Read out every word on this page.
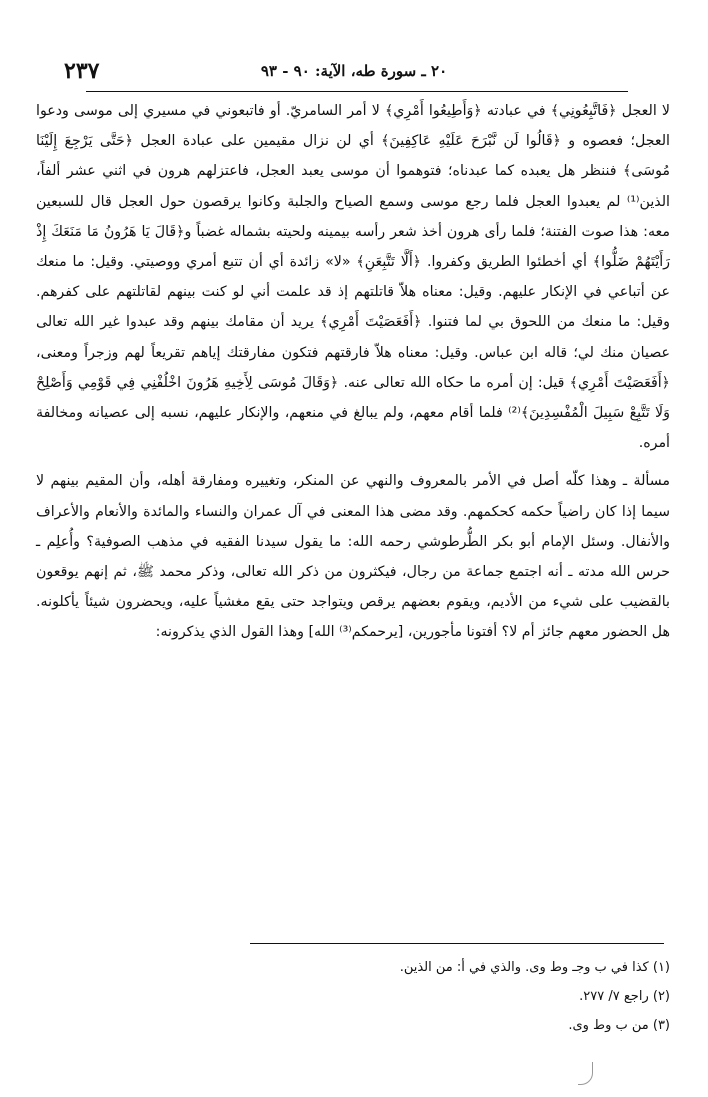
٢٣٧	٢٠ ـ سورة طه، الآية: ٩٠ - ٩٣

لا العجل ﴿فَاتَّبِعُونِي﴾ في عبادته ﴿وَأَطِيعُوا أَمْرِي﴾ لا أمر السامريّ. أو فاتبعوني في مسيري إلى موسى ودعوا العجل؛ فعصوه و ﴿قَالُوا لَن نَّبْرَحَ عَلَيْهِ عَاكِفِينَ﴾ أي لن نزال مقيمين على عبادة العجل ﴿حَتَّى يَرْجِعَ إِلَيْنَا مُوسَى﴾ فننظر هل يعبده كما عبدناه؛ فتوهموا أن موسى يعبد العجل، فاعتزلهم هرون في اثني عشر ألفاً، الذين⁽¹⁾ لم يعبدوا العجل فلما رجع موسى وسمع الصياح والجلبة وكانوا يرقصون حول العجل قال للسبعين معه: هذا صوت الفتنة؛ فلما رأى هرون أخذ شعر رأسه بيمينه ولحيته بشماله غضباً و﴿قَالَ يَا هَرُونُ مَا مَنَعَكَ إِذْ رَأَيْتَهُمْ ضَلُّوا﴾ أي أخطئوا الطريق وكفروا. ﴿أَلَّا تَتَّبِعَنِ﴾ «لا» زائدة أي أن تتبع أمري ووصيتي. وقيل: ما منعك عن أتباعي في الإنكار عليهم. وقيل: معناه هلاّ قاتلتهم إذ قد علمت أني لو كنت بينهم لقاتلتهم على كفرهم. وقيل: ما منعك من اللحوق بي لما فتنوا. ﴿أَفَعَصَيْتَ أَمْرِي﴾ يريد أن مقامك بينهم وقد عبدوا غير الله تعالى عصيان منك لي؛ قاله ابن عباس. وقيل: معناه هلاّ فارقتهم فتكون مفارقتك إياهم تقريعاً لهم وزجراً ومعنى، ﴿أَفَعَصَيْتَ أَمْرِي﴾ قيل: إن أمره ما حكاه الله تعالى عنه. ﴿وَقَالَ مُوسَى لِأَخِيهِ هَرُونَ اخْلُفْنِي فِي قَوْمِي وَأَصْلِحْ وَلَا تَتَّبِعْ سَبِيلَ الْمُفْسِدِينَ﴾⁽²⁾ فلما أقام معهم، ولم يبالغ في منعهم، والإنكار عليهم، نسبه إلى عصيانه ومخالفة أمره.

مسألة ـ وهذا كلّه أصل في الأمر بالمعروف والنهي عن المنكر، وتغييره ومفارقة أهله، وأن المقيم بينهم لا سيما إذا كان راضياً حكمه كحكمهم. وقد مضى هذا المعنى في آل عمران والنساء والمائدة والأنعام والأعراف والأنفال. وسئل الإمام أبو بكر الطُّرطوشي رحمه الله: ما يقول سيدنا الفقيه في مذهب الصوفية؟ وأُعلِم ـ حرس الله مدته ـ أنه اجتمع جماعة من رجال، فيكثرون من ذكر الله تعالى، وذكر محمد ﷺ، ثم إنهم يوقعون بالقضيب على شيء من الأديم، ويقوم بعضهم يرقص ويتواجد حتى يقع مغشياً عليه، ويحضرون شيئاً يأكلونه. هل الحضور معهم جائز أم لا؟ أفتونا مأجورين، [يرحمكم⁽³⁾ الله] وهذا القول الذي يذكرونه:

(١) كذا في ب وجـ وط وى. والذي في أ: من الذين.
(٢) راجع ٧/ ٢٧٧.
(٣) من ب وط وى.
